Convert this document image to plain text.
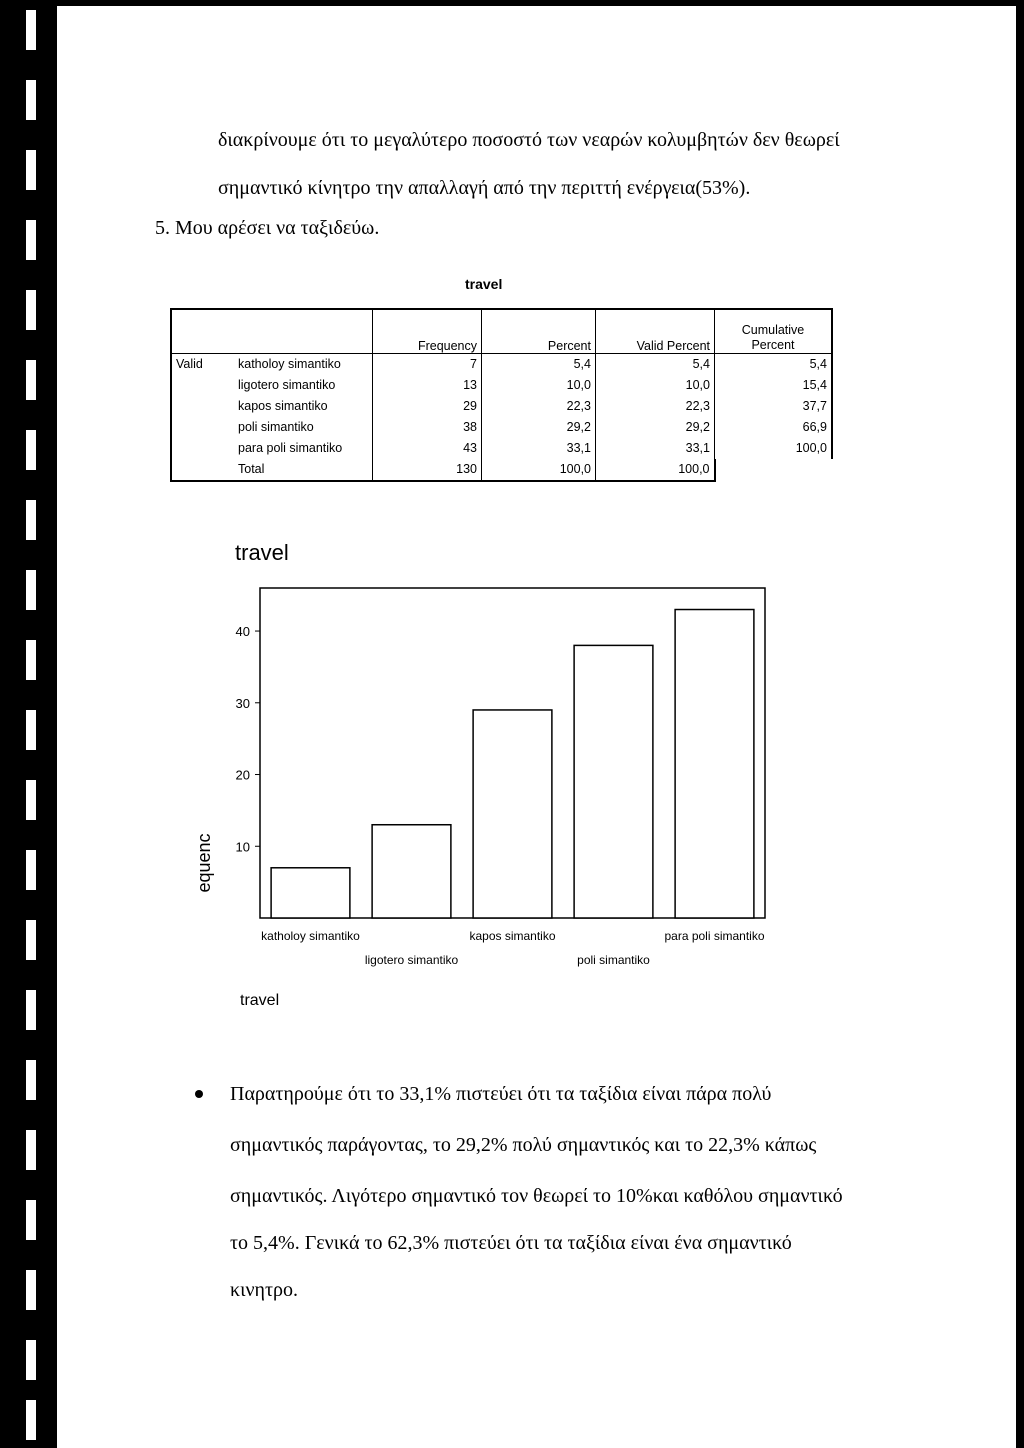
διακρίνουμε ότι το μεγαλύτερο ποσοστό των νεαρών κολυμβητών δεν θεωρεί
σημαντικό κίνητρο την απαλλαγή από την περιττή ενέργεια(53%).
5. Μου αρέσει να ταξιδεύω.
travel
		Frequency	Percent	Valid Percent	Cumulative
Percent
Valid	katholoy simantiko	7	5,4	5,4	5,4
	ligotero simantiko	13	10,0	10,0	15,4
	kapos simantiko	29	22,3	22,3	37,7
	poli simantiko	38	29,2	29,2	66,9
	para poli simantiko	43	33,1	33,1	100,0
	Total	130	100,0	100,0	
travel
40
30
20
10
equenc
katholoy simantiko
ligotero simantiko
kapos simantiko
poli simantiko
para poli simantiko
travel
Παρατηρούμε ότι το 33,1% πιστεύει ότι τα ταξίδια είναι πάρα πολύ
σημαντικός παράγοντας, το 29,2% πολύ σημαντικός και το 22,3% κάπως
σημαντικός. Λιγότερο σημαντικό τον θεωρεί το 10%και καθόλου σημαντικό
το 5,4%. Γενικά το 62,3% πιστεύει ότι τα ταξίδια είναι ένα σημαντικό
κινητρο.
